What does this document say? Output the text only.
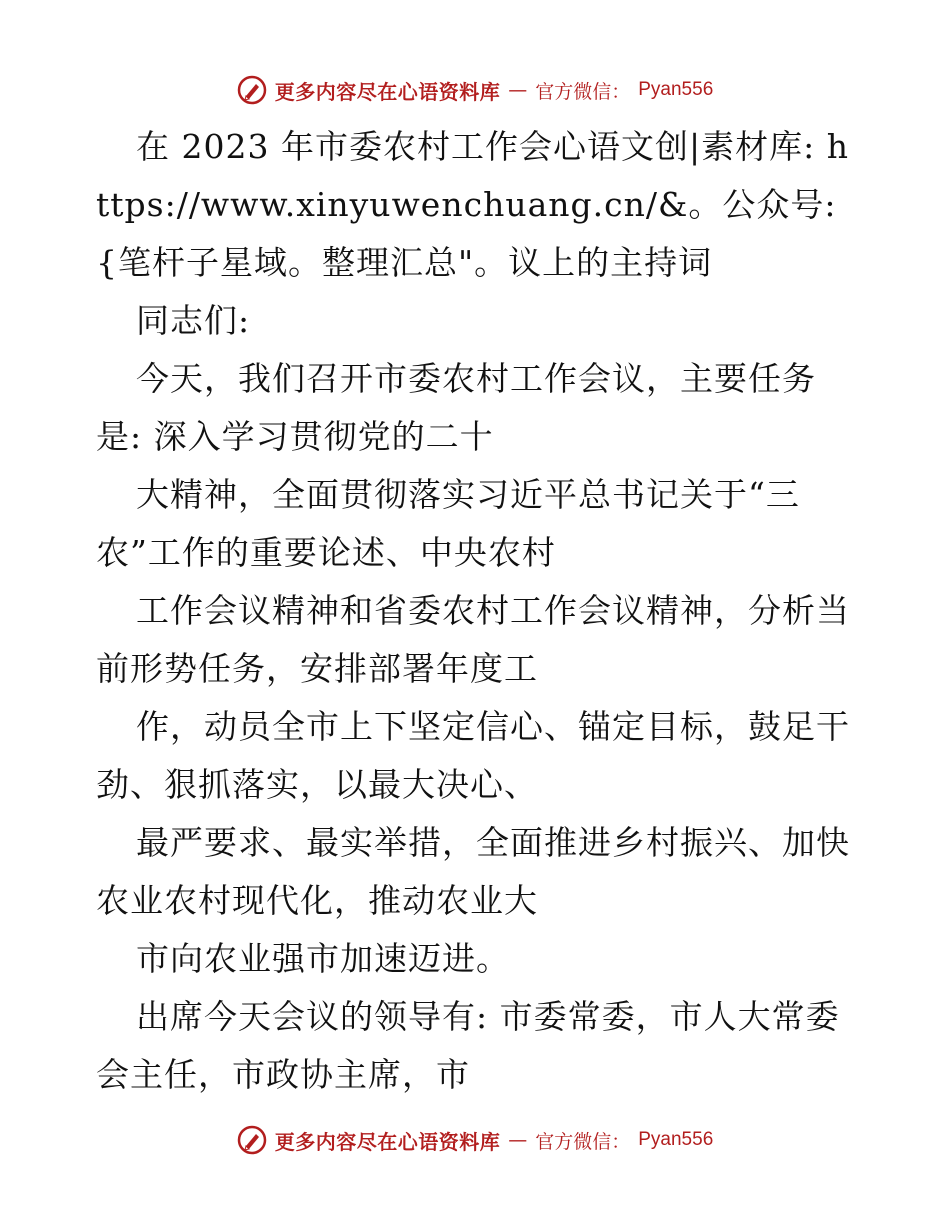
更多内容尽在心语资料库 — 官方微信： Pyan556

在 2023 年市委农村工作会心语文创|素材库: https://www.xinyuwenchuang.cn/&。公众号: {笔杆子星域。整理汇总"。议上的主持词

同志们:

今天，我们召开市委农村工作会议，主要任务是: 深入学习贯彻党的二十

大精神，全面贯彻落实习近平总书记关于“三农”工作的重要论述、中央农村

工作会议精神和省委农村工作会议精神，分析当前形势任务，安排部署年度工

作，动员全市上下坚定信心、锚定目标，鼓足干劲、狠抓落实，以最大决心、

最严要求、最实举措，全面推进乡村振兴、加快农业农村现代化，推动农业大

市向农业强市加速迈进。

出席今天会议的领导有: 市委常委，市人大常委会主任，市政协主席，市

更多内容尽在心语资料库 — 官方微信： Pyan556
